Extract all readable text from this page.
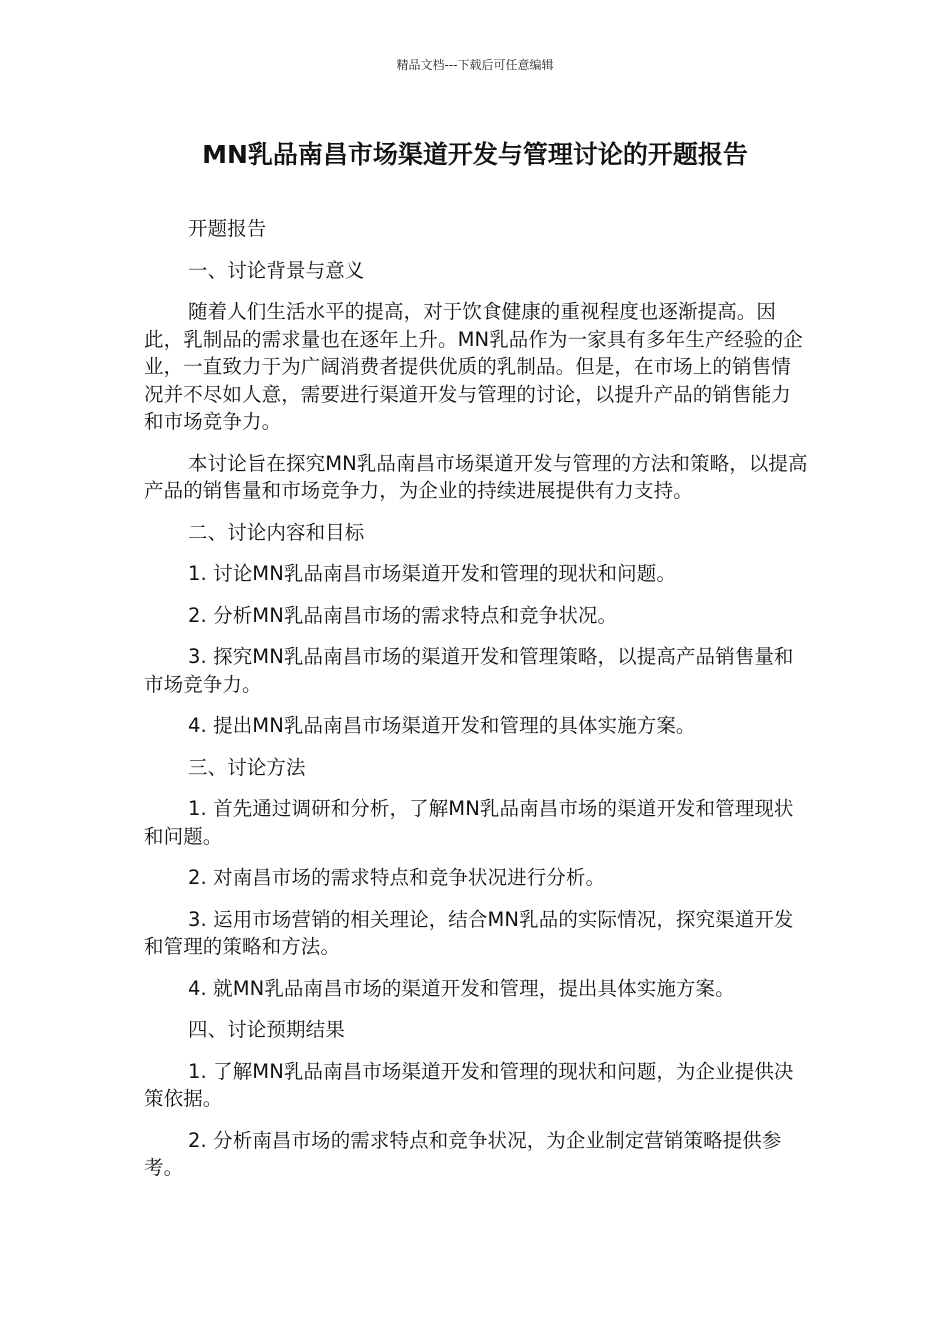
精品文档---下载后可任意编辑
MN乳品南昌市场渠道开发与管理讨论的开题报告

开题报告

一、讨论背景与意义

随着人们生活水平的提高，对于饮食健康的重视程度也逐渐提高。因此，乳制品的需求量也在逐年上升。MN乳品作为一家具有多年生产经验的企业，一直致力于为广阔消费者提供优质的乳制品。但是，在市场上的销售情况并不尽如人意，需要进行渠道开发与管理的讨论，以提升产品的销售能力和市场竞争力。

本讨论旨在探究MN乳品南昌市场渠道开发与管理的方法和策略，以提高产品的销售量和市场竞争力，为企业的持续进展提供有力支持。

二、讨论内容和目标

1. 讨论MN乳品南昌市场渠道开发和管理的现状和问题。

2. 分析MN乳品南昌市场的需求特点和竞争状况。

3. 探究MN乳品南昌市场的渠道开发和管理策略，以提高产品销售量和市场竞争力。

4. 提出MN乳品南昌市场渠道开发和管理的具体实施方案。

三、讨论方法

1. 首先通过调研和分析，了解MN乳品南昌市场的渠道开发和管理现状和问题。

2. 对南昌市场的需求特点和竞争状况进行分析。

3. 运用市场营销的相关理论，结合MN乳品的实际情况，探究渠道开发和管理的策略和方法。

4. 就MN乳品南昌市场的渠道开发和管理，提出具体实施方案。

四、讨论预期结果

1. 了解MN乳品南昌市场渠道开发和管理的现状和问题，为企业提供决策依据。

2. 分析南昌市场的需求特点和竞争状况，为企业制定营销策略提供参考。
